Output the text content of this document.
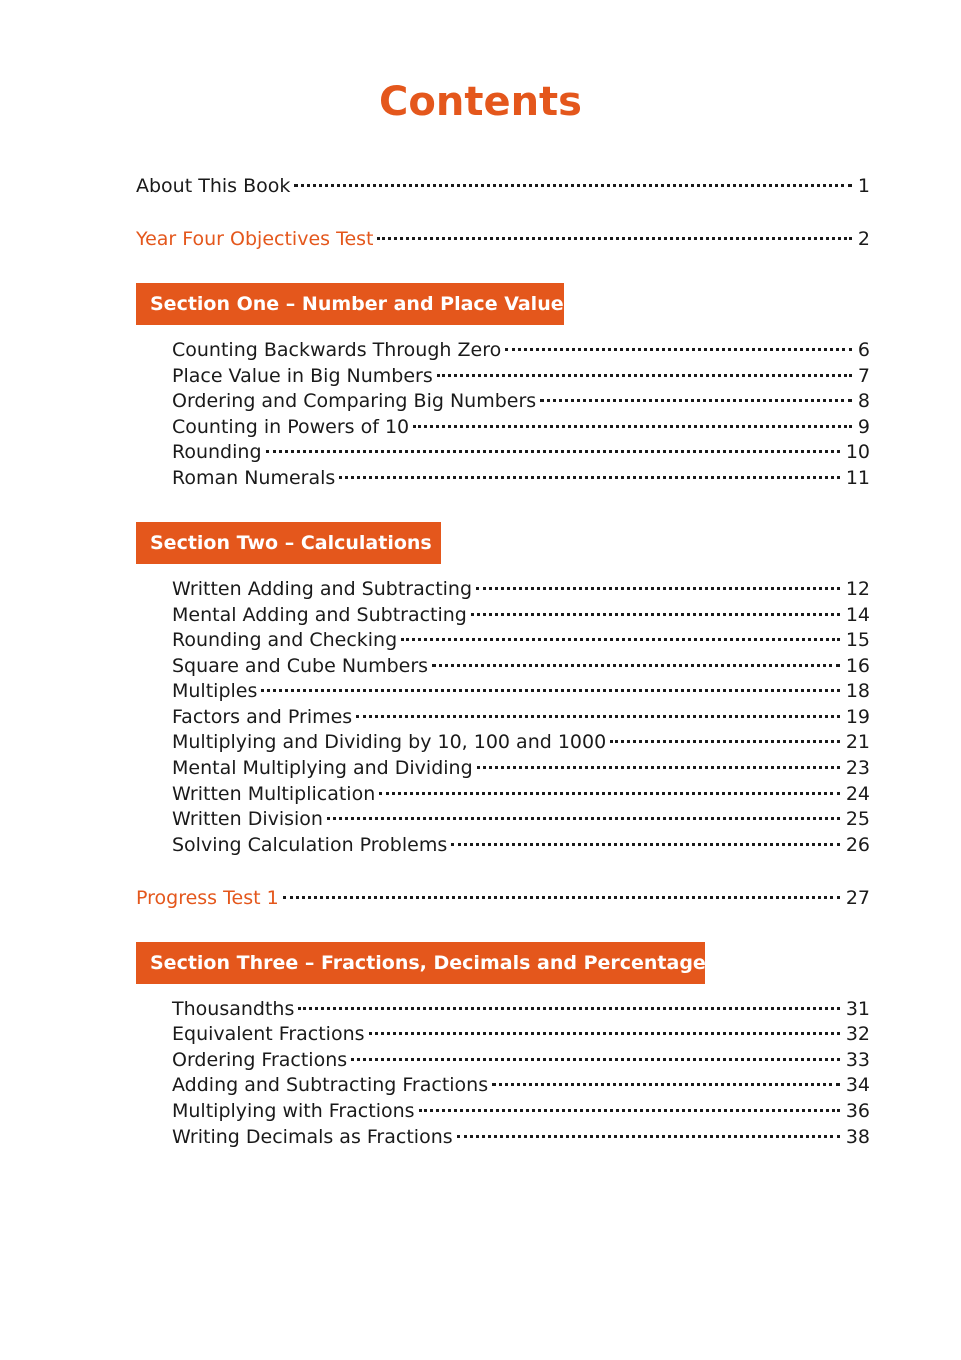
Contents
About This Book	1
Year Four Objectives Test	2
Section One – Number and Place Value
Counting Backwards Through Zero	6
Place Value in Big Numbers	7
Ordering and Comparing Big Numbers	8
Counting in Powers of 10	9
Rounding	10
Roman Numerals	11
Section Two – Calculations
Written Adding and Subtracting	12
Mental Adding and Subtracting	14
Rounding and Checking	15
Square and Cube Numbers	16
Multiples	18
Factors and Primes	19
Multiplying and Dividing by 10, 100 and 1000	21
Mental Multiplying and Dividing	23
Written Multiplication	24
Written Division	25
Solving Calculation Problems	26
Progress Test 1	27
Section Three – Fractions, Decimals and Percentages
Thousandths	31
Equivalent Fractions	32
Ordering Fractions	33
Adding and Subtracting Fractions	34
Multiplying with Fractions	36
Writing Decimals as Fractions	38
